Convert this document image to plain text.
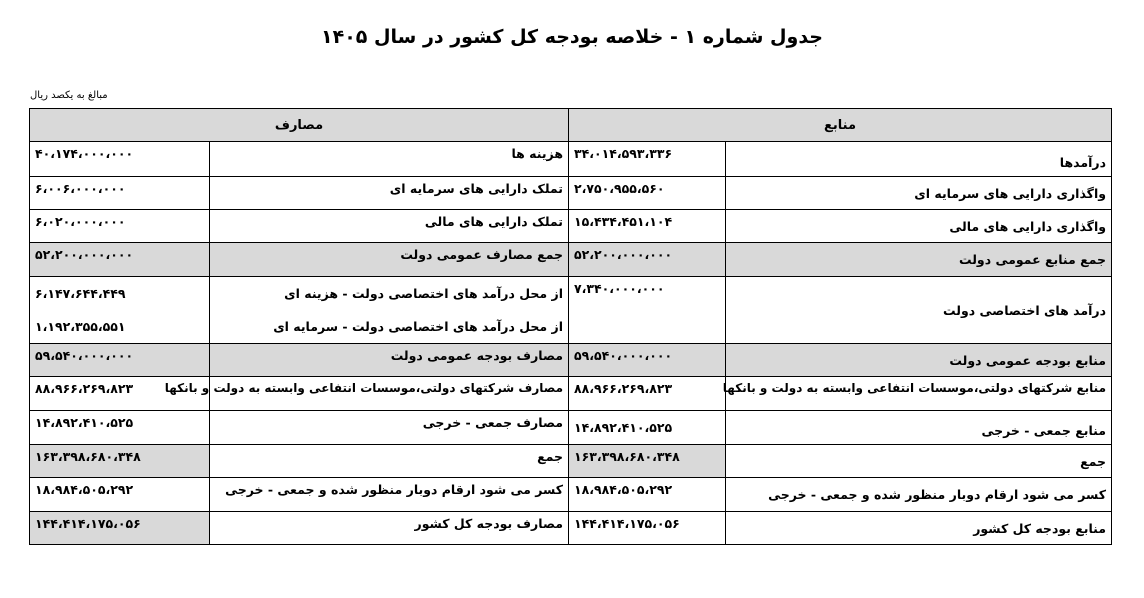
جدول شماره ۱ - خلاصه بودجه کل کشور در سال ۱۴۰۵
مبالغ به یکصد ریال
مصارف		منابع	
۴۰،۱۷۴،۰۰۰،۰۰۰	هزینه ها	۳۴،۰۱۴،۵۹۳،۳۳۶	درآمدها
۶،۰۰۶،۰۰۰،۰۰۰	تملک دارایی های سرمایه ای	۲،۷۵۰،۹۵۵،۵۶۰	واگذاری دارایی های سرمایه ای
۶،۰۲۰،۰۰۰،۰۰۰	تملک دارایی های مالی	۱۵،۴۳۴،۴۵۱،۱۰۴	واگذاری دارایی های مالی
۵۲،۲۰۰،۰۰۰،۰۰۰	جمع مصارف عمومی دولت	۵۲،۲۰۰،۰۰۰،۰۰۰	جمع منابع عمومی دولت
۶،۱۴۷،۶۴۴،۴۴۹	از محل درآمد های اختصاصی دولت - هزینه ای	۷،۳۴۰،۰۰۰،۰۰۰	درآمد های اختصاصی دولت
۱،۱۹۲،۳۵۵،۵۵۱	از محل درآمد های اختصاصی دولت - سرمایه ای		
۵۹،۵۴۰،۰۰۰،۰۰۰	مصارف بودجه عمومی دولت	۵۹،۵۴۰،۰۰۰،۰۰۰	منابع بودجه عمومی دولت
۸۸،۹۶۶،۲۶۹،۸۲۳	مصارف شرکتهای دولتی،موسسات انتفاعی وابسته به دولت و بانکها	۸۸،۹۶۶،۲۶۹،۸۲۳	منابع شرکتهای دولتی،موسسات انتفاعی وابسته به دولت و بانکها
۱۴،۸۹۲،۴۱۰،۵۲۵	مصارف جمعی - خرجی	۱۴،۸۹۲،۴۱۰،۵۲۵	منابع جمعی - خرجی
۱۶۳،۳۹۸،۶۸۰،۳۴۸	جمع	۱۶۳،۳۹۸،۶۸۰،۳۴۸	جمع
۱۸،۹۸۴،۵۰۵،۲۹۲	کسر می شود ارقام دوبار منظور شده و جمعی - خرجی	۱۸،۹۸۴،۵۰۵،۲۹۲	کسر می شود ارقام دوبار منظور شده و جمعی - خرجی
۱۴۴،۴۱۴،۱۷۵،۰۵۶	مصارف بودجه کل کشور	۱۴۴،۴۱۴،۱۷۵،۰۵۶	منابع بودجه کل کشور
